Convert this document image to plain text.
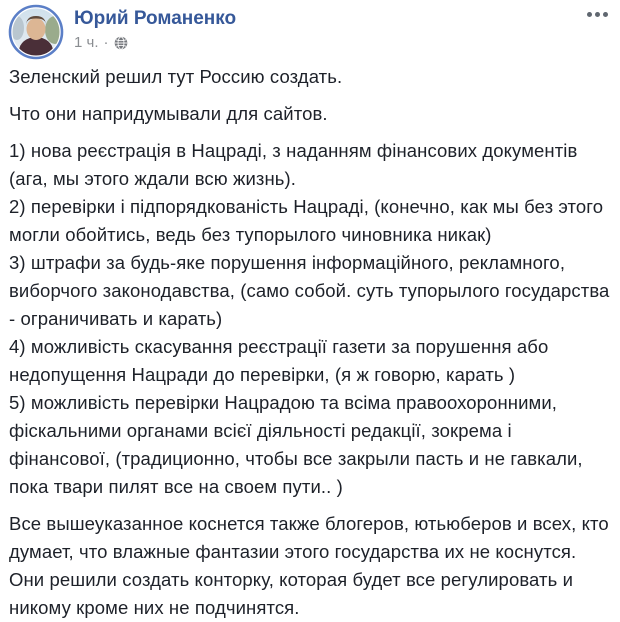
Юрий Романенко
1 ч. ·

Зеленский решил тут Россию создать.

Что они напридумывали для сайтов.

1) нова реєстрація в Нацраді, з наданням фінансових документів (ага, мы этого ждали всю жизнь).

2) перевірки і підпорядкованість Нацраді, (конечно, как мы без этого могли обойтись, ведь без тупорылого чиновника никак)

3) штрафи за будь-яке порушення інформаційного, рекламного, виборчого законодавства, (само собой. суть тупорылого государства - ограничивать и карать)

4) можливість скасування реєстрації газети за порушення або недопущення Нацради до перевірки, (я ж говорю, карать )

5) можливість перевірки Нацрадою та всіма правоохоронними, фіскальними органами всієї діяльності редакції, зокрема і фінансової, (традиционно, чтобы все закрыли пасть и не гавкали, пока твари пилят все на своем пути.. )

Все вышеуказанное коснется также блогеров, ютьюберов и всех, кто думает, что влажные фантазии этого государства их не коснутся. Они решили создать конторку, которая будет все регулировать и никому кроме них не подчинятся.
